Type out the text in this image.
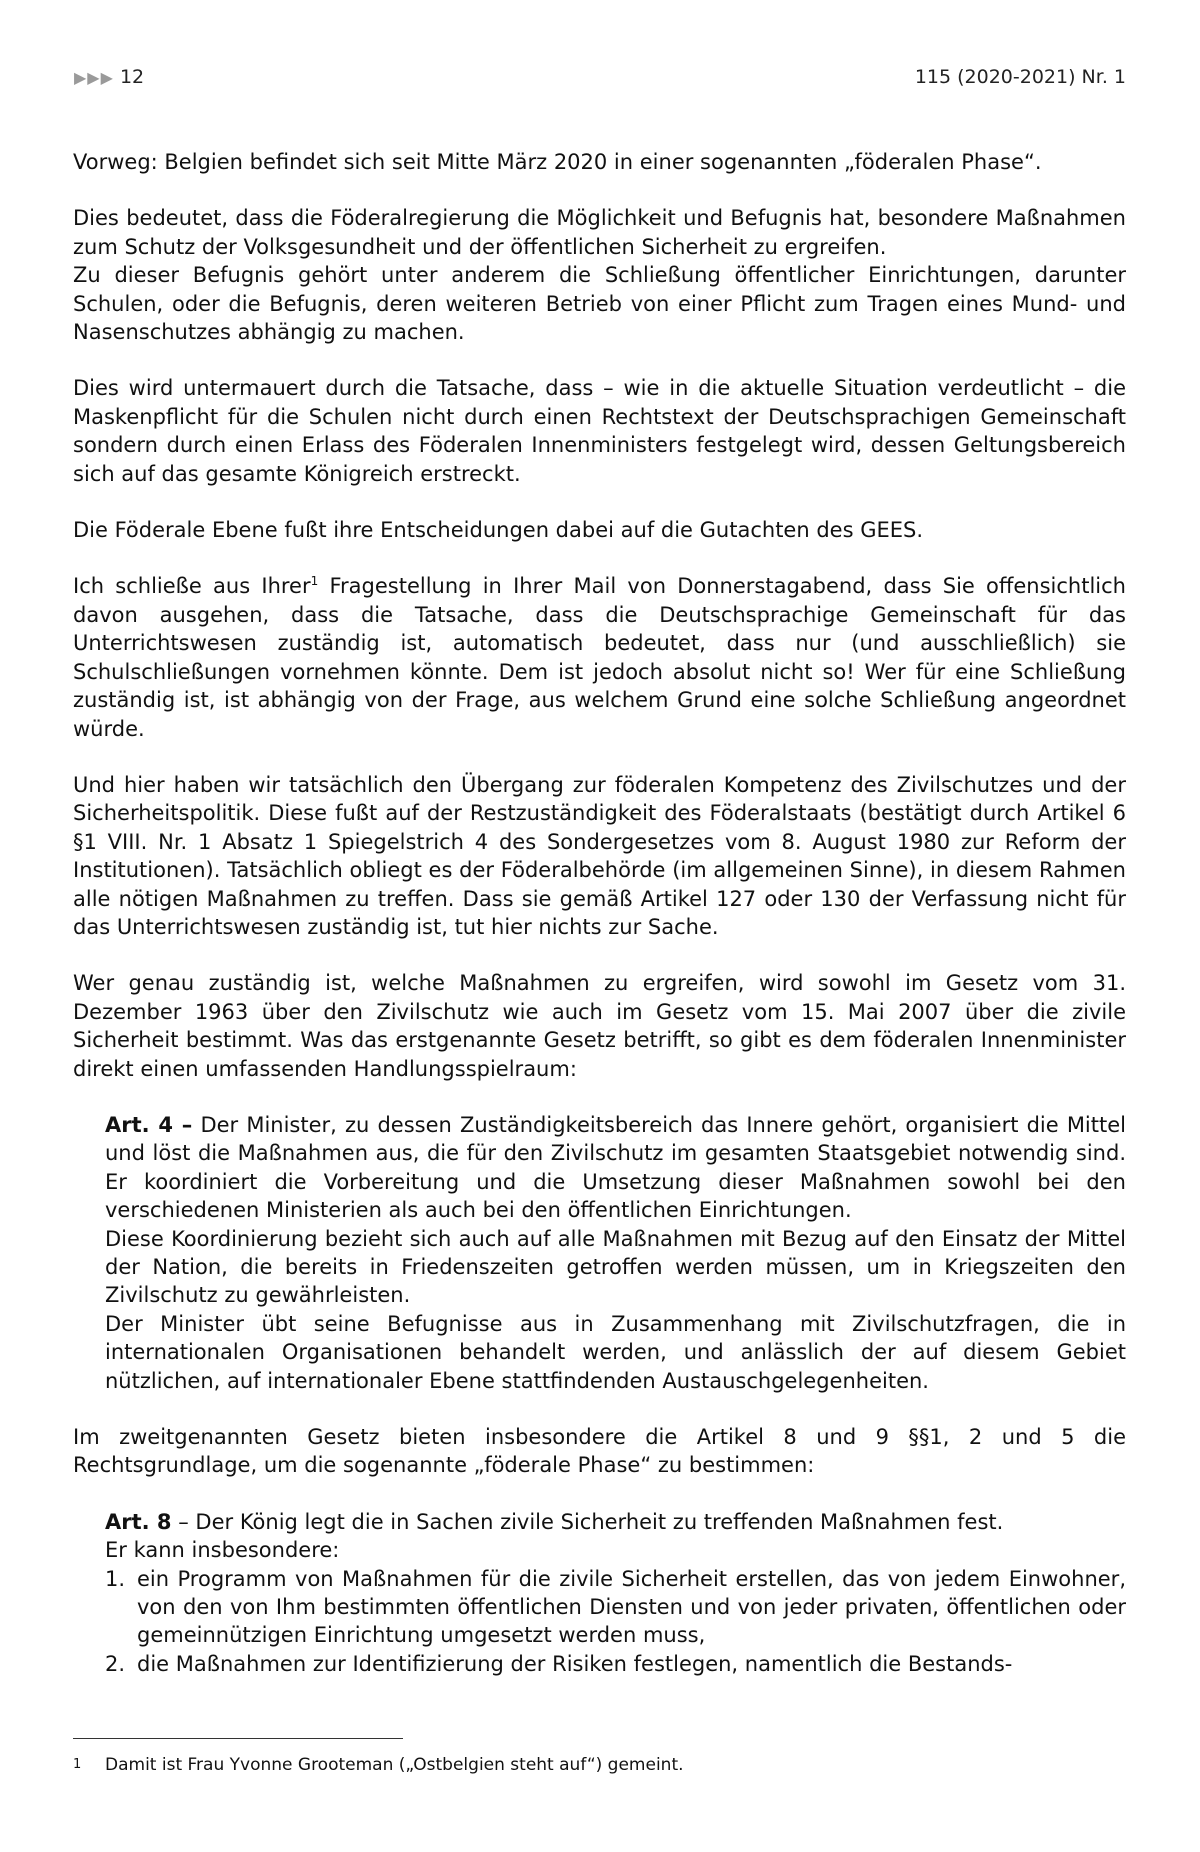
▶▶▶ 12	115 (2020-2021) Nr. 1

Vorweg: Belgien befindet sich seit Mitte März 2020 in einer sogenannten „föderalen Phase“.

Dies bedeutet, dass die Föderalregierung die Möglichkeit und Befugnis hat, besondere Maßnahmen zum Schutz der Volksgesundheit und der öffentlichen Sicherheit zu ergreifen.

Zu dieser Befugnis gehört unter anderem die Schließung öffentlicher Einrichtungen, darunter Schulen, oder die Befugnis, deren weiteren Betrieb von einer Pflicht zum Tragen eines Mund- und Nasenschutzes abhängig zu machen.

Dies wird untermauert durch die Tatsache, dass – wie in die aktuelle Situation verdeutlicht – die Maskenpflicht für die Schulen nicht durch einen Rechtstext der Deutschsprachigen Gemeinschaft sondern durch einen Erlass des Föderalen Innenministers festgelegt wird, dessen Geltungsbereich sich auf das gesamte Königreich erstreckt.

Die Föderale Ebene fußt ihre Entscheidungen dabei auf die Gutachten des GEES.

Ich schließe aus Ihrer$^1$ Fragestellung in Ihrer Mail von Donnerstagabend, dass Sie offensichtlich davon ausgehen, dass die Tatsache, dass die Deutschsprachige Gemeinschaft für das Unterrichtswesen zuständig ist, automatisch bedeutet, dass nur (und ausschließlich) sie Schulschließungen vornehmen könnte. Dem ist jedoch absolut nicht so! Wer für eine Schließung zuständig ist, ist abhängig von der Frage, aus welchem Grund eine solche Schließung angeordnet würde.

Und hier haben wir tatsächlich den Übergang zur föderalen Kompetenz des Zivilschutzes und der Sicherheitspolitik. Diese fußt auf der Restzuständigkeit des Föderalstaats (bestätigt durch Artikel 6 §1 VIII. Nr. 1 Absatz 1 Spiegelstrich 4 des Sondergesetzes vom 8. August 1980 zur Reform der Institutionen). Tatsächlich obliegt es der Föderalbehörde (im allgemeinen Sinne), in diesem Rahmen alle nötigen Maßnahmen zu treffen. Dass sie gemäß Artikel 127 oder 130 der Verfassung nicht für das Unterrichtswesen zuständig ist, tut hier nichts zur Sache.

Wer genau zuständig ist, welche Maßnahmen zu ergreifen, wird sowohl im Gesetz vom 31. Dezember 1963 über den Zivilschutz wie auch im Gesetz vom 15. Mai 2007 über die zivile Sicherheit bestimmt. Was das erstgenannte Gesetz betrifft, so gibt es dem föderalen Innenminister direkt einen umfassenden Handlungsspielraum:

Art. 4 – Der Minister, zu dessen Zuständigkeitsbereich das Innere gehört, organisiert die Mittel und löst die Maßnahmen aus, die für den Zivilschutz im gesamten Staatsgebiet notwendig sind. Er koordiniert die Vorbereitung und die Umsetzung dieser Maßnahmen sowohl bei den verschiedenen Ministerien als auch bei den öffentlichen Einrichtungen.

Diese Koordinierung bezieht sich auch auf alle Maßnahmen mit Bezug auf den Einsatz der Mittel der Nation, die bereits in Friedenszeiten getroffen werden müssen, um in Kriegszeiten den Zivilschutz zu gewährleisten.

Der Minister übt seine Befugnisse aus in Zusammenhang mit Zivilschutzfragen, die in internationalen Organisationen behandelt werden, und anlässlich der auf diesem Gebiet nützlichen, auf internationaler Ebene stattfindenden Austauschgelegenheiten.

Im zweitgenannten Gesetz bieten insbesondere die Artikel 8 und 9 §§1, 2 und 5 die Rechtsgrundlage, um die sogenannte „föderale Phase“ zu bestimmen:

Art. 8 – Der König legt die in Sachen zivile Sicherheit zu treffenden Maßnahmen fest.

Er kann insbesondere:

1. ein Programm von Maßnahmen für die zivile Sicherheit erstellen, das von jedem Einwohner, von den von Ihm bestimmten öffentlichen Diensten und von jeder privaten, öffentlichen oder gemeinnützigen Einrichtung umgesetzt werden muss,
2. die Maßnahmen zur Identifizierung der Risiken festlegen, namentlich die Bestands-
1 Damit ist Frau Yvonne Grooteman („Ostbelgien steht auf“) gemeint.
